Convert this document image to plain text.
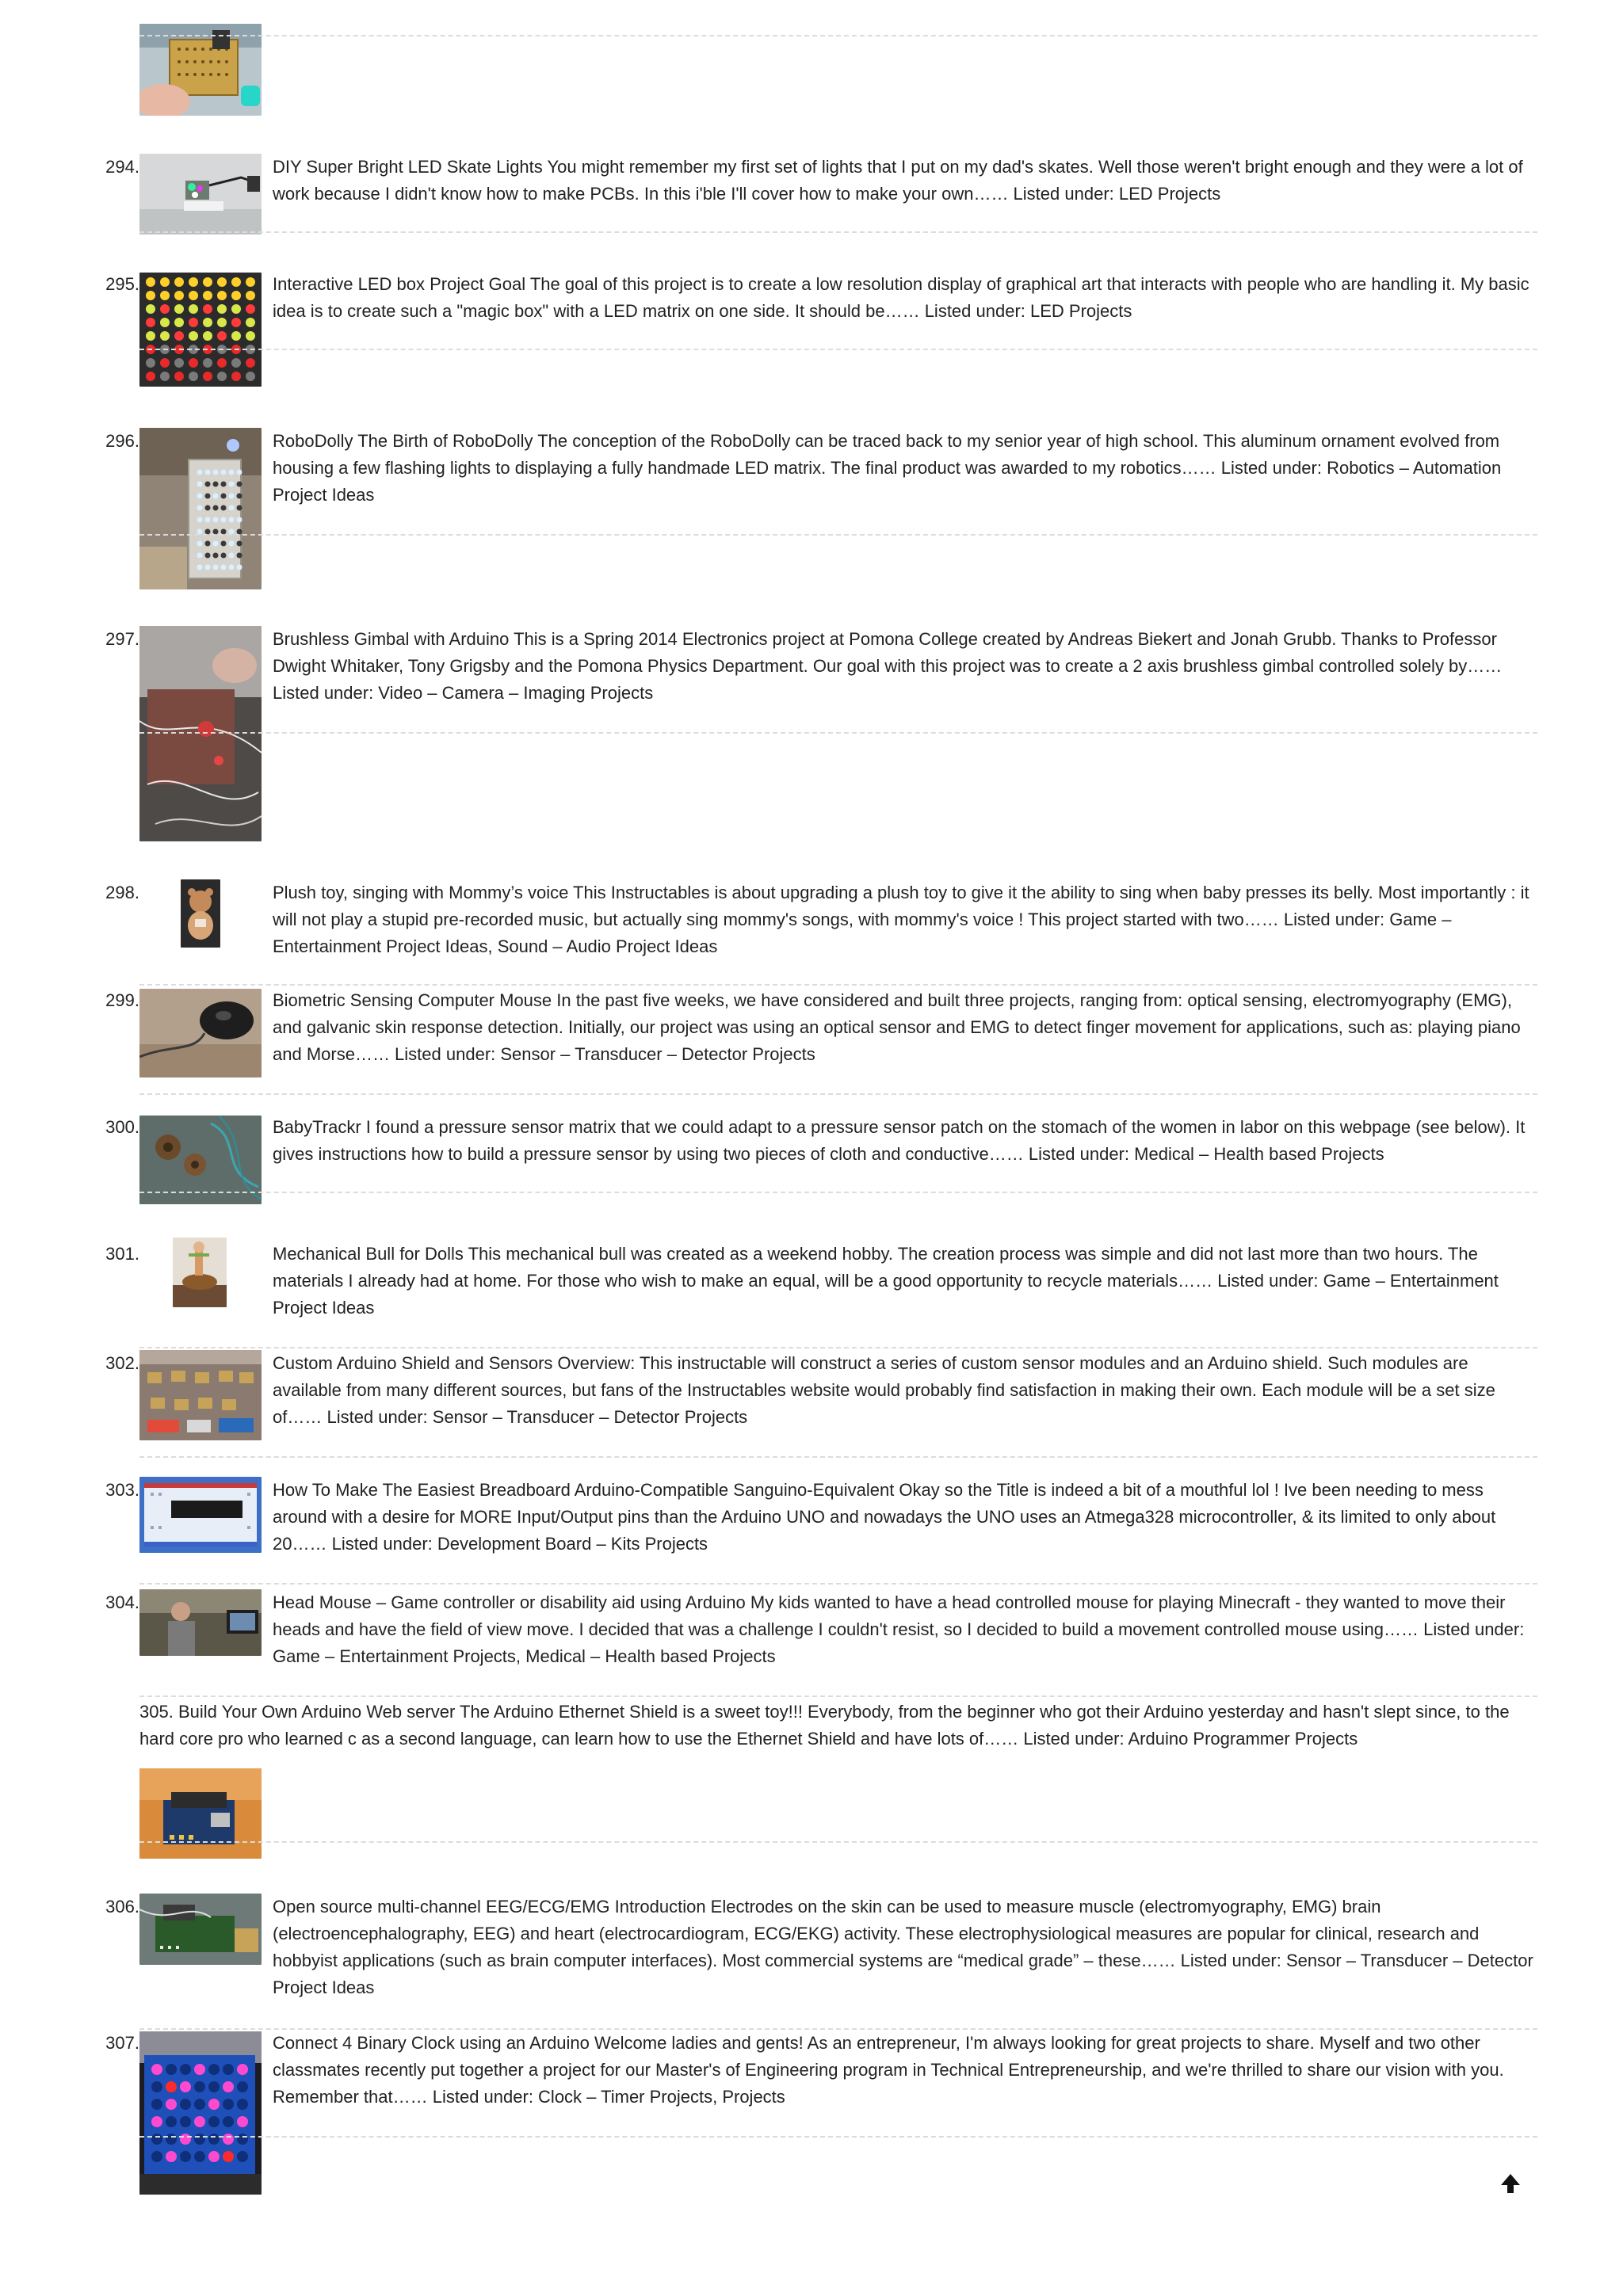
294.	DIY Super Bright LED Skate Lights You might remember my first set of lights that I put on my dad's skates. Well those weren't bright enough and they were a lot of work because I didn't know how to make PCBs. In this i'ble I'll cover how to make your own…… Listed under: LED Projects
295.	Interactive LED box Project Goal The goal of this project is to create a low resolution display of graphical art that interacts with people who are handling it. My basic idea is to create such a "magic box" with a LED matrix on one side. It should be…… Listed under: LED Projects
296.	RoboDolly The Birth of RoboDolly The conception of the RoboDolly can be traced back to my senior year of high school. This aluminum ornament evolved from housing a few flashing lights to displaying a fully handmade LED matrix. The final product was awarded to my robotics…… Listed under: Robotics – Automation Project Ideas
297.	Brushless Gimbal with Arduino This is a Spring 2014 Electronics project at Pomona College created by Andreas Biekert and Jonah Grubb. Thanks to Professor Dwight Whitaker, Tony Grigsby and the Pomona Physics Department. Our goal with this project was to create a 2 axis brushless gimbal controlled solely by…… Listed under: Video – Camera – Imaging Projects
298.	Plush toy, singing with Mommy’s voice This Instructables is about upgrading a plush toy to give it the ability to sing when baby presses its belly. Most importantly : it will not play a stupid pre-recorded music, but actually sing mommy's songs, with mommy's voice ! This project started with two…… Listed under: Game – Entertainment Project Ideas, Sound – Audio Project Ideas
299.	Biometric Sensing Computer Mouse In the past five weeks, we have considered and built three projects, ranging from: optical sensing, electromyography (EMG), and galvanic skin response detection. Initially, our project was using an optical sensor and EMG to detect finger movement for applications, such as: playing piano and Morse…… Listed under: Sensor – Transducer – Detector Projects
300.	BabyTrackr I found a pressure sensor matrix that we could adapt to a pressure sensor patch on the stomach of the women in labor on this webpage (see below). It gives instructions how to build a pressure sensor by using two pieces of cloth and conductive…… Listed under: Medical – Health based Projects
301.	Mechanical Bull for Dolls This mechanical bull was created as a weekend hobby. The creation process was simple and did not last more than two hours. The materials I already had at home. For those who wish to make an equal, will be a good opportunity to recycle materials…… Listed under: Game – Entertainment Project Ideas
302.	Custom Arduino Shield and Sensors Overview: This instructable will construct a series of custom sensor modules and an Arduino shield. Such modules are available from many different sources, but fans of the Instructables website would probably find satisfaction in making their own. Each module will be a set size of…… Listed under: Sensor – Transducer – Detector Projects
303.	How To Make The Easiest Breadboard Arduino-Compatible Sanguino-Equivalent Okay so the Title is indeed a bit of a mouthful lol ! Ive been needing to mess around with a desire for MORE Input/Output pins than the Arduino UNO and nowadays the UNO uses an Atmega328 microcontroller, & its limited to only about 20…… Listed under: Development Board – Kits Projects
304.	Head Mouse – Game controller or disability aid using Arduino My kids wanted to have a head controlled mouse for playing Minecraft - they wanted to move their heads and have the field of view move. I decided that was a challenge I couldn't resist, so I decided to build a movement controlled mouse using…… Listed under: Game – Entertainment Projects, Medical – Health based Projects
305. Build Your Own Arduino Web server The Arduino Ethernet Shield is a sweet toy!!! Everybody, from the beginner who got their Arduino yesterday and hasn't slept since, to the hard core pro who learned c as a second language, can learn how to use the Ethernet Shield and have lots of…… Listed under: Arduino Programmer Projects
306.	Open source multi-channel EEG/ECG/EMG Introduction Electrodes on the skin can be used to measure muscle (electromyography, EMG) brain (electroencephalography, EEG) and heart (electrocardiogram, ECG/EKG) activity. These electrophysiological measures are popular for clinical, research and hobbyist applications (such as brain computer interfaces). Most commercial systems are “medical grade” – these…… Listed under: Sensor – Transducer – Detector Project Ideas
307.	Connect 4 Binary Clock using an Arduino Welcome ladies and gents! As an entrepreneur, I'm always looking for great projects to share. Myself and two other classmates recently put together a project for our Master's of Engineering program in Technical Entrepreneurship, and we're thrilled to share our vision with you. Remember that…… Listed under: Clock – Timer Projects, Projects
